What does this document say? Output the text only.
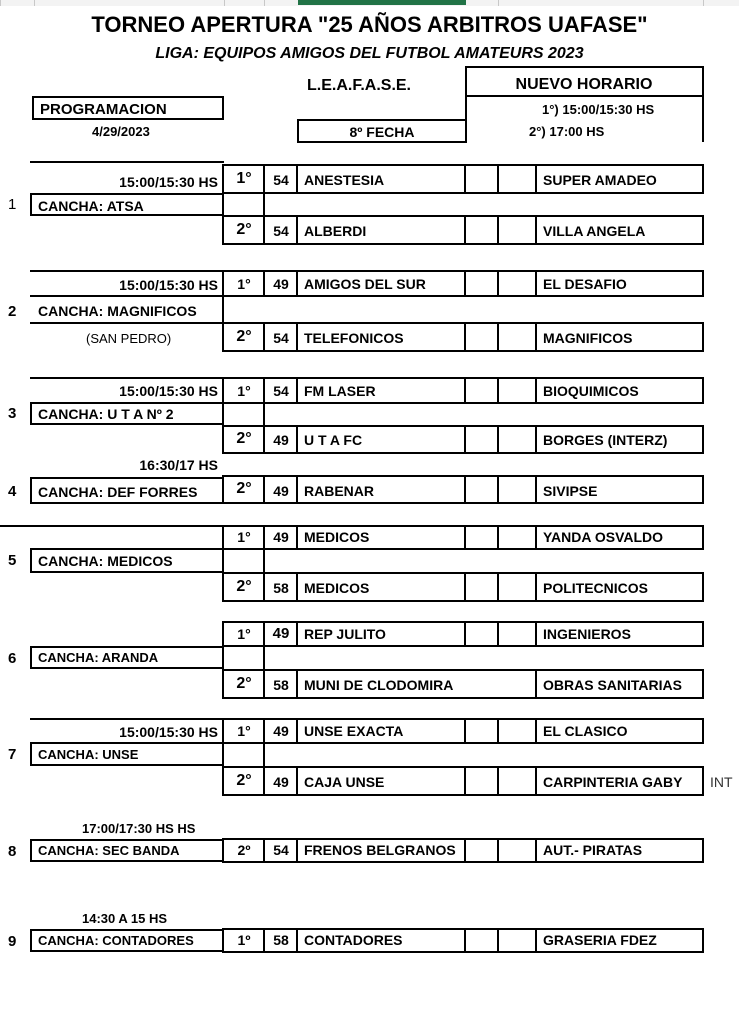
TORNEO APERTURA "25 AÑOS ARBITROS UAFASE"
LIGA: EQUIPOS AMIGOS DEL FUTBOL AMATEURS 2023
L.E.A.F.A.S.E.	NUEVO HORARIO
1°) 15:00/15:30 HS
2°) 17:00 HS
PROGRAMACION
4/29/2023	8º FECHA
15:00/15:30 HS
1 CANCHA: ATSA
1°	54	ANESTESIA	SUPER AMADEO
2°	54	ALBERDI	VILLA ANGELA
15:00/15:30 HS
2 CANCHA: MAGNIFICOS
(SAN PEDRO)
1°	49	AMIGOS DEL SUR	EL DESAFIO
2°	54	TELEFONICOS	MAGNIFICOS
15:00/15:30 HS
3 CANCHA: U T A Nº 2
1°	54	FM LASER	BIOQUIMICOS
2°	49	U T A FC	BORGES (INTERZ)
16:30/17 HS
4 CANCHA: DEF FORRES	2°	49	RABENAR	SIVIPSE
5 CANCHA: MEDICOS
1°	49	MEDICOS	YANDA OSVALDO
2°	58	MEDICOS	POLITECNICOS
6 CANCHA: ARANDA
1°	49	REP JULITO	INGENIEROS
2°	58	MUNI DE CLODOMIRA	OBRAS SANITARIAS
15:00/15:30 HS
7 CANCHA: UNSE
1°	49	UNSE EXACTA	EL CLASICO
2°	49	CAJA UNSE	CARPINTERIA GABY INT
17:00/17:30 HS HS
8 CANCHA: SEC BANDA	2º	54	FRENOS BELGRANOS	AUT.- PIRATAS
14:30 A 15 HS
9 CANCHA: CONTADORES	1º	58	CONTADORES	GRASERIA FDEZ
